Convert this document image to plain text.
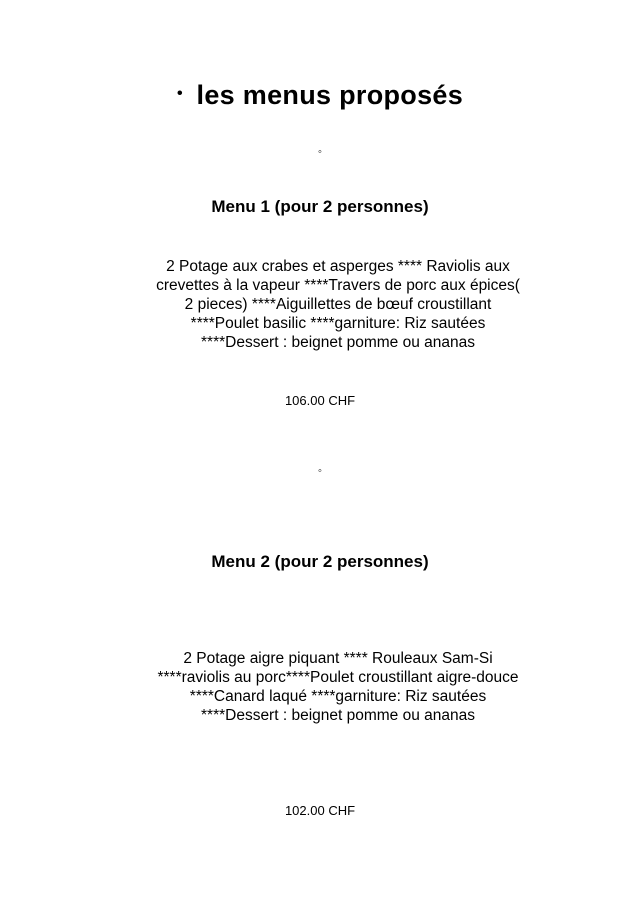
• les menus proposés
◦
Menu 1 (pour 2 personnes)
2 Potage aux crabes et asperges **** Raviolis aux crevettes à la vapeur ****Travers de porc aux épices( 2 pieces) ****Aiguillettes de bœuf croustillant ****Poulet basilic ****garniture: Riz sautées ****Dessert : beignet pomme ou ananas
106.00 CHF
◦
Menu 2 (pour 2 personnes)
2 Potage aigre piquant **** Rouleaux Sam-Si ****raviolis au porc****Poulet croustillant aigre-douce ****Canard laqué ****garniture: Riz sautées ****Dessert : beignet pomme ou ananas
102.00 CHF
